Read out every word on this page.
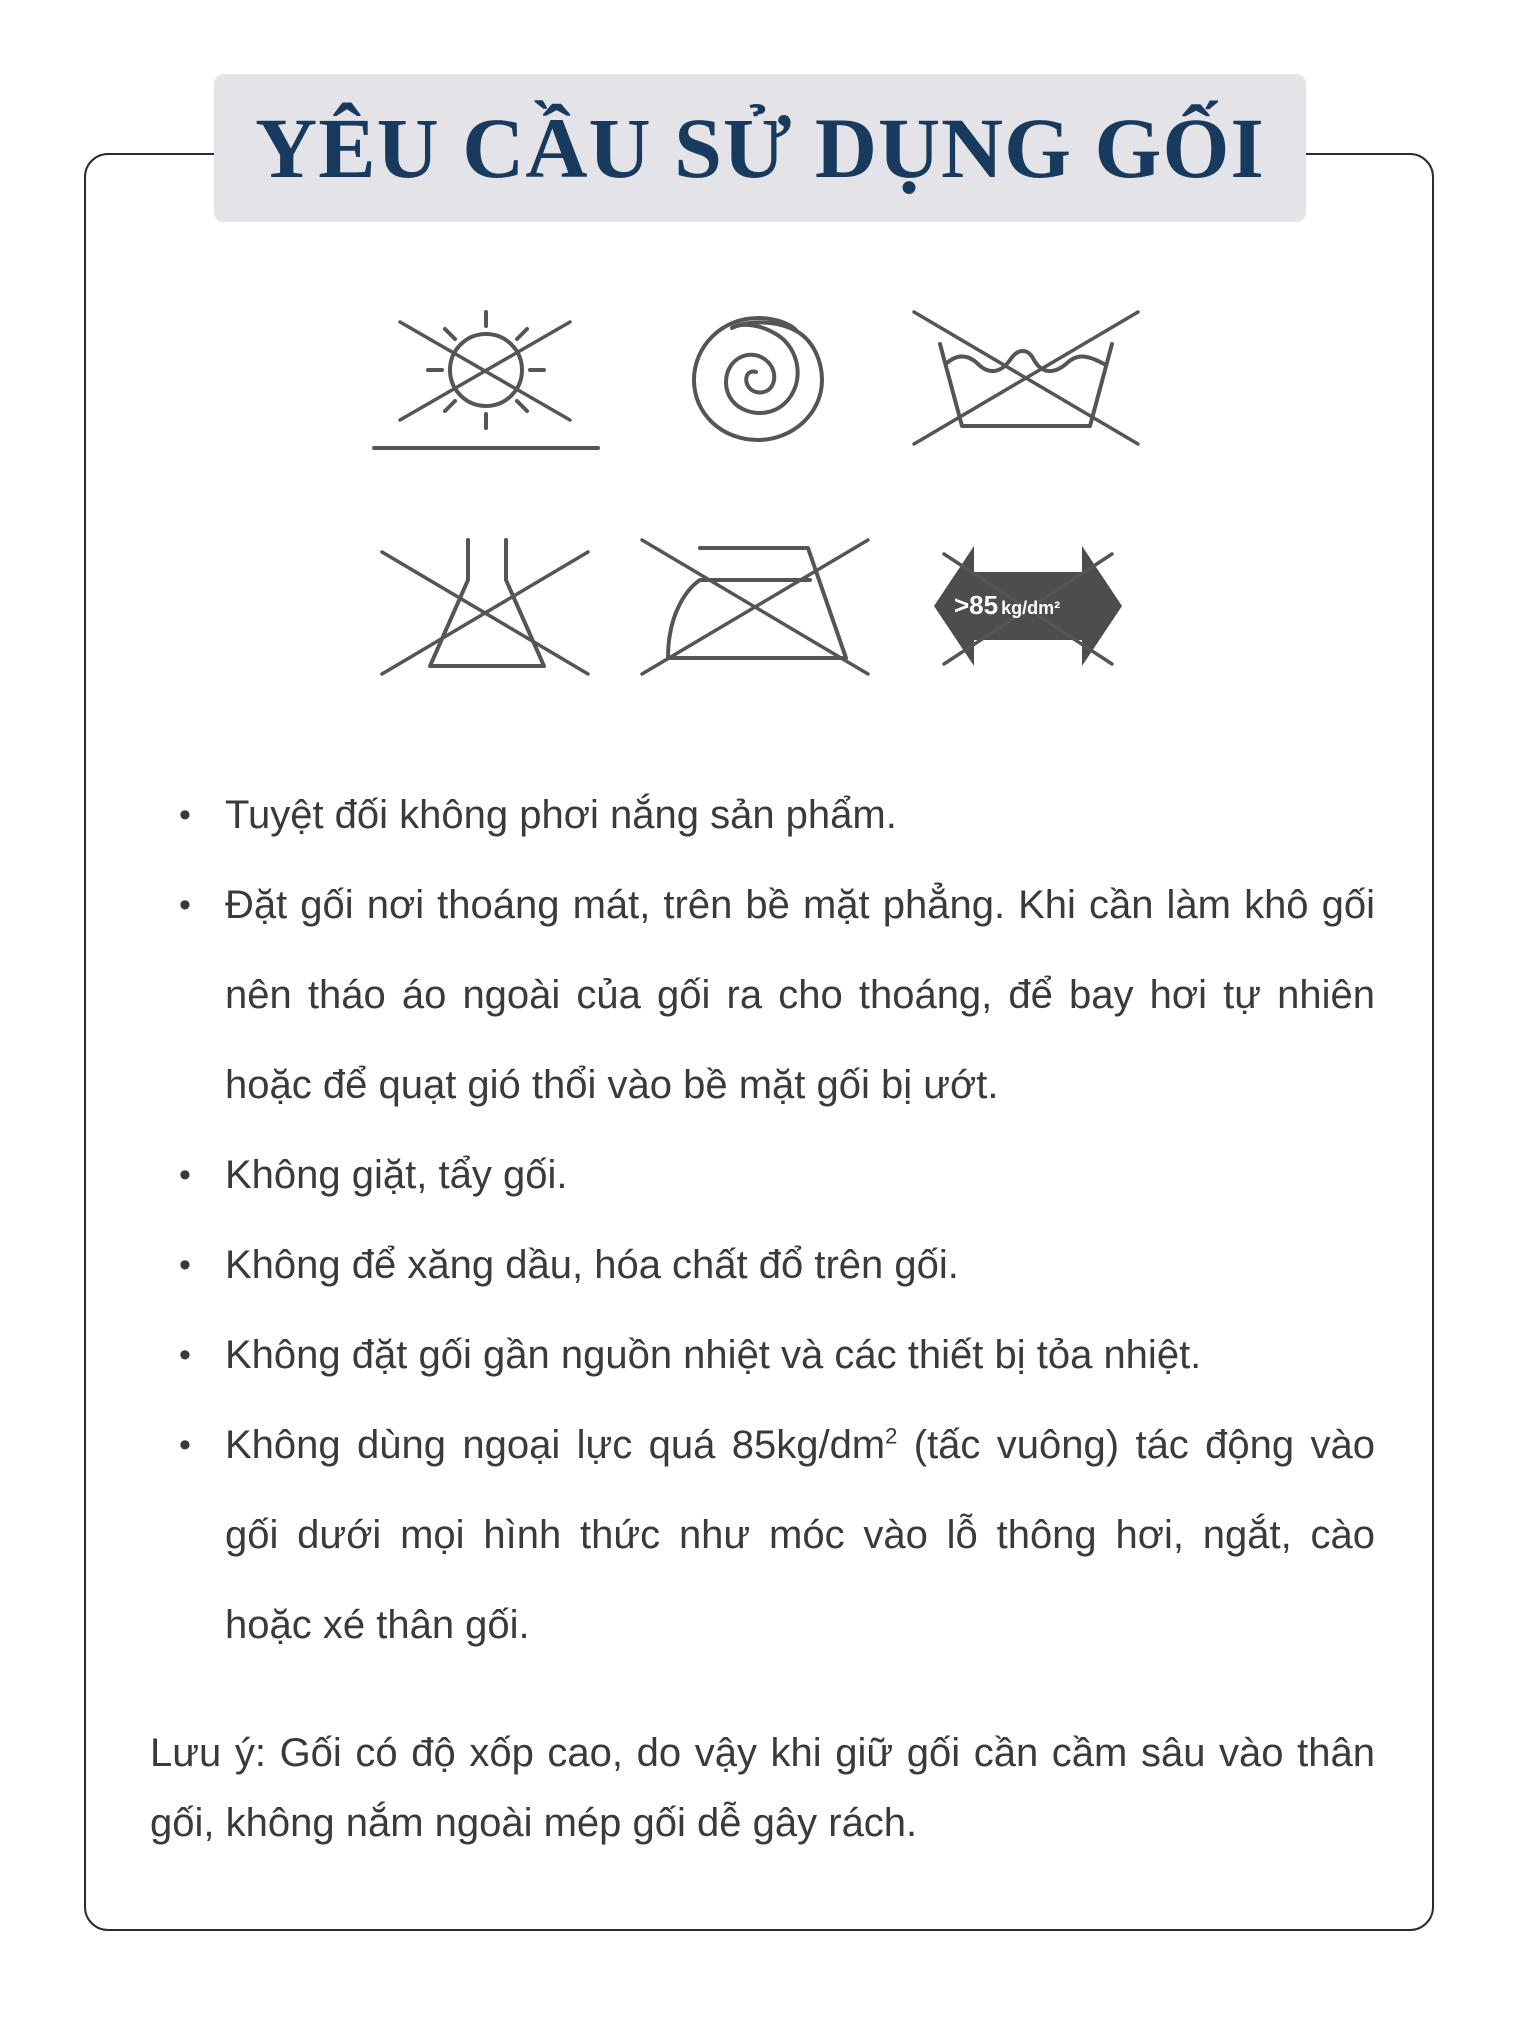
YÊU CẦU SỬ DỤNG GỐI
>85 kg/dm²
• Tuyệt đối không phơi nắng sản phẩm.
• Đặt gối nơi thoáng mát, trên bề mặt phẳng. Khi cần làm khô gối nên tháo áo ngoài của gối ra cho thoáng, để bay hơi tự nhiên hoặc để quạt gió thổi vào bề mặt gối bị ướt.
• Không giặt, tẩy gối.
• Không để xăng dầu, hóa chất đổ trên gối.
• Không đặt gối gần nguồn nhiệt và các thiết bị tỏa nhiệt.
• Không dùng ngoại lực quá $85kg/dm^2$ (tấc vuông) tác động vào gối dưới mọi hình thức như móc vào lỗ thông hơi, ngắt, cào hoặc xé thân gối.

Lưu ý: Gối có độ xốp cao, do vậy khi giữ gối cần cầm sâu vào thân gối, không nắm ngoài mép gối dễ gây rách.
